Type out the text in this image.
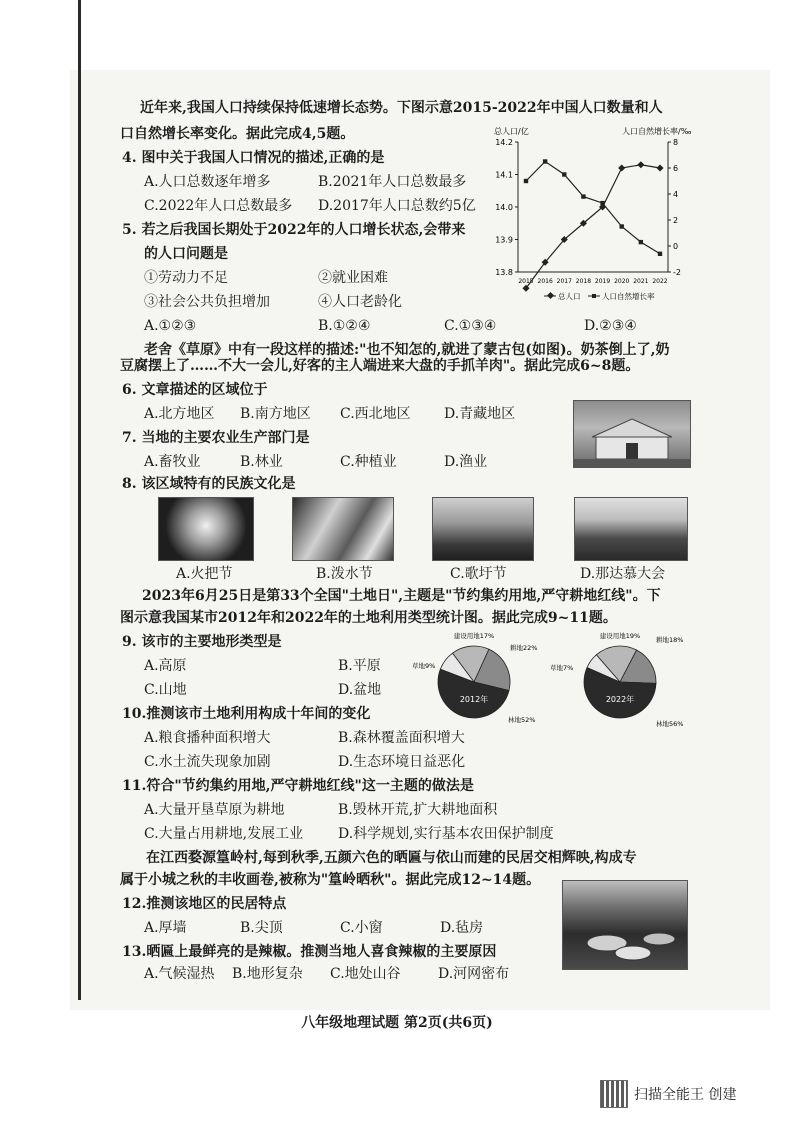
近年来,我国人口持续保持低速增长态势。下图示意2015-2022年中国人口数量和人
口自然增长率变化。据此完成4,5题。
4. 图中关于我国人口情况的描述,正确的是
A.人口总数逐年增多	B.2021年人口总数最多
C.2022年人口总数最多 D.2017年人口总数约5亿
5. 若之后我国长期处于2022年的人口增长状态,会带来
的人口问题是
①劳动力不足	②就业困难
③社会公共负担增加	④人口老龄化
A.①②③	B.①②④	C.①③④	D.②③④
总人口/亿	人口自然增长率/‰
14.2
14.1
14.0
13.9
13.8
8
6
4
2
0
-2
2015 2016 2017 2018 2019 2020 2021 2022
总人口	人口自然增长率
老舍《草原》中有一段这样的描述:"也不知怎的,就进了蒙古包(如图)。奶茶倒上了,奶
豆腐摆上了……不大一会儿,好客的主人端进来大盘的手抓羊肉"。据此完成6~8题。
6. 文章描述的区域位于
A.北方地区 B.南方地区 C.西北地区 D.青藏地区
7. 当地的主要农业生产部门是
A.畜牧业	B.林业	C.种植业	D.渔业
8. 该区域特有的民族文化是
A.火把节	B.泼水节	C.歌圩节	D.那达慕大会
2023年6月25日是第33个全国"土地日",主题是"节约集约用地,严守耕地红线"。下
图示意我国某市2012年和2022年的土地利用类型统计图。据此完成9~11题。
2012年
建设用地17%
耕地22%
草地9%
林地52%
2022年
建设用地19% 耕地18%
草地7%
林地56%
9. 该市的主要地形类型是
A.高原	B.平原
C.山地	D.盆地
10.推测该市土地利用构成十年间的变化
A.粮食播种面积增大	B.森林覆盖面积增大
C.水土流失现象加剧	D.生态环境日益恶化
11.符合"节约集约用地,严守耕地红线"这一主题的做法是
A.大量开垦草原为耕地	B.毁林开荒,扩大耕地面积
C.大量占用耕地,发展工业 D.科学规划,实行基本农田保护制度
在江西婺源篁岭村,每到秋季,五颜六色的晒匾与依山而建的民居交相辉映,构成专
属于小城之秋的丰收画卷,被称为"篁岭晒秋"。据此完成12~14题。
12.推测该地区的民居特点
A.厚墙	B.尖顶	C.小窗	D.毡房
13.晒匾上最鲜亮的是辣椒。推测当地人喜食辣椒的主要原因
A.气候湿热 B.地形复杂 C.地处山谷	D.河网密布
八年级地理试题 第2页(共6页)
扫描全能王 创建
